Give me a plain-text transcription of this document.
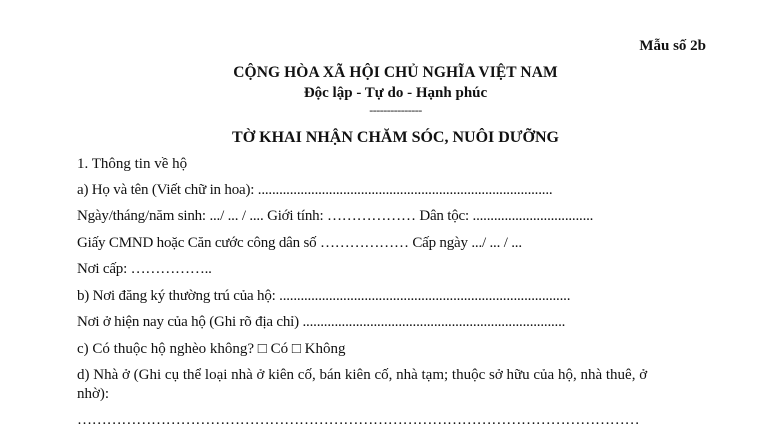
Mẫu số 2b
CỘNG HÒA XÃ HỘI CHỦ NGHĨA VIỆT NAM
Độc lập - Tự do - Hạnh phúc
---------------
TỜ KHAI NHẬN CHĂM SÓC, NUÔI DƯỠNG
1. Thông tin về hộ
a) Họ và tên (Viết chữ in hoa): ...................................................................................
Ngày/tháng/năm sinh: .../ ... / .... Giới tính: ……………… Dân tộc: ..................................
Giấy CMND hoặc Căn cước công dân số ……………… Cấp ngày .../ ... / ...
Nơi cấp: ……………..
b) Nơi đăng ký thường trú của hộ: ..................................................................................
Nơi ở hiện nay của hộ (Ghi rõ địa chỉ) ..........................................................................
c) Có thuộc hộ nghèo không? □ Có □ Không
d) Nhà ở (Ghi cụ thể loại nhà ở kiên cố, bán kiên cố, nhà tạm; thuộc sở hữu của hộ, nhà thuê, ở
nhờ):
……………………………………………………………………………………………………
